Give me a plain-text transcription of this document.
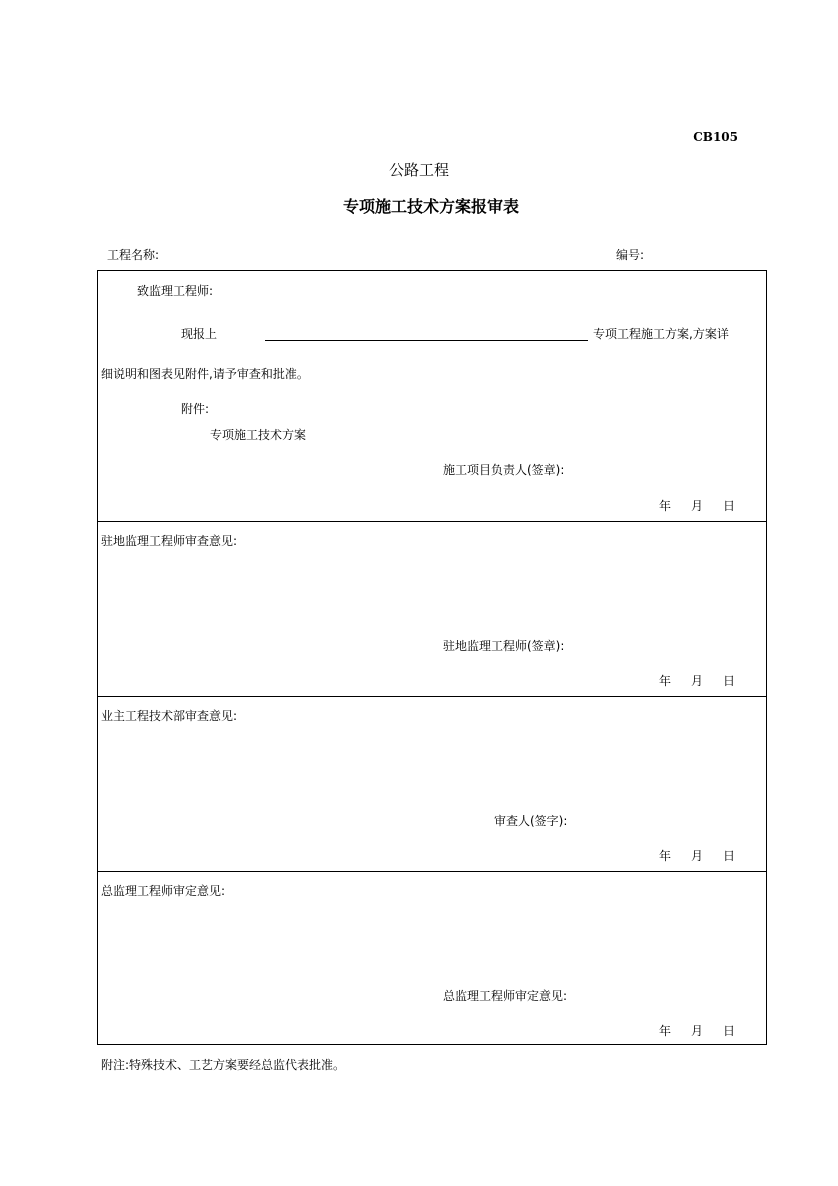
CB105
公路工程
专项施工技术方案报审表
工程名称:	编号:
致监理工程师:
现报上	专项工程施工方案,方案详
细说明和图表见附件,请予审查和批准。
附件:
专项施工技术方案
施工项目负责人(签章):
年 月 日
驻地监理工程师审查意见:
驻地监理工程师(签章):
年 月 日
业主工程技术部审查意见:
审查人(签字):
年 月 日
总监理工程师审定意见:
总监理工程师审定意见:
年 月 日
附注:特殊技术、工艺方案要经总监代表批准。
